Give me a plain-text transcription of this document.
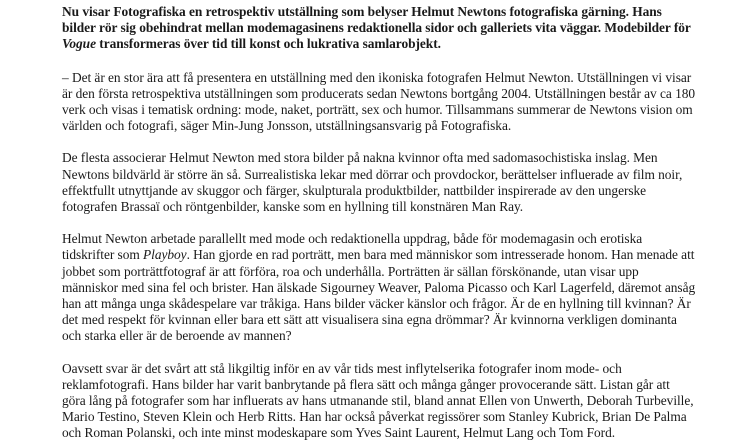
Nu visar Fotografiska en retrospektiv utställning som belyser Helmut Newtons fotografiska gärning. Hans bilder rör sig obehindrat mellan modemagasinens redaktionella sidor och galleriets vita väggar. Modebilder för Vogue transformeras över tid till konst och lukrativa samlarobjekt.

– Det är en stor ära att få presentera en utställning med den ikoniska fotografen Helmut Newton. Utställningen vi visar är den första retrospektiva utställningen som producerats sedan Newtons bortgång 2004. Utställningen består av ca 180 verk och visas i tematisk ordning: mode, naket, porträtt, sex och humor. Tillsammans summerar de Newtons vision om världen och fotografi, säger Min-Jung Jonsson, utställningsansvarig på Fotografiska.

De flesta associerar Helmut Newton med stora bilder på nakna kvinnor ofta med sadomasochistiska inslag. Men Newtons bildvärld är större än så. Surrealistiska lekar med dörrar och provdockor, berättelser influerade av film noir, effektfullt utnyttjande av skuggor och färger, skulpturala produktbilder, nattbilder inspirerade av den ungerske fotografen Brassaï och röntgenbilder, kanske som en hyllning till konstnären Man Ray.

Helmut Newton arbetade parallellt med mode och redaktionella uppdrag, både för modemagasin och erotiska tidskrifter som Playboy. Han gjorde en rad porträtt, men bara med människor som intresserade honom. Han menade att jobbet som porträttfotograf är att förföra, roa och underhålla. Porträtten är sällan förskönande, utan visar upp människor med sina fel och brister. Han älskade Sigourney Weaver, Paloma Picasso och Karl Lagerfeld, däremot ansåg han att många unga skådespelare var tråkiga. Hans bilder väcker känslor och frågor. Är de en hyllning till kvinnan? Är det med respekt för kvinnan eller bara ett sätt att visualisera sina egna drömmar? Är kvinnorna verkligen dominanta och starka eller är de beroende av mannen?

Oavsett svar är det svårt att stå likgiltig inför en av vår tids mest inflytelserika fotografer inom mode- och reklamfotografi. Hans bilder har varit banbrytande på flera sätt och många gånger provocerande sätt. Listan går att göra lång på fotografer som har influerats av hans utmanande stil, bland annat Ellen von Unwerth, Deborah Turbeville, Mario Testino, Steven Klein och Herb Ritts. Han har också påverkat regissörer som Stanley Kubrick, Brian De Palma och Roman Polanski, och inte minst modeskapare som Yves Saint Laurent, Helmut Lang och Tom Ford.
